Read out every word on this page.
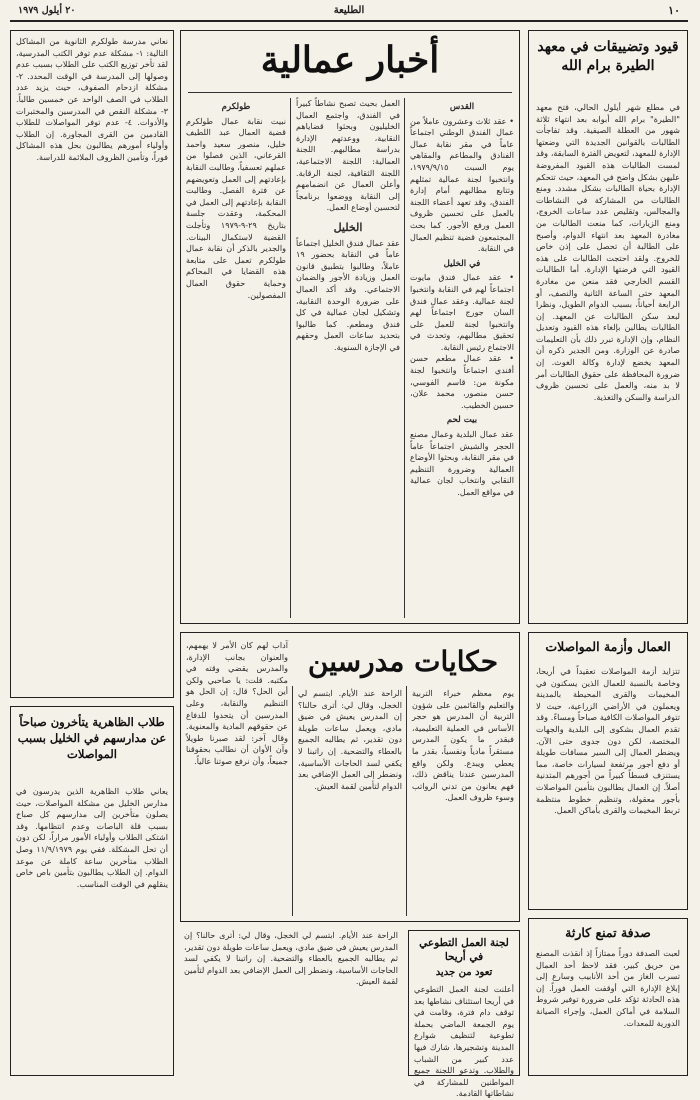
١٠
الطليعة
٢٠ أيلول ١٩٧٩
قيود وتضييقات في معهد الطيرة برام الله
في مطلع شهر أيلول الحالي، فتح معهد "الطيرة" برام الله أبوابه بعد انتهاء ثلاثة شهور من العطلة الصيفية. وقد تفاجأت الطالبات بالقوانين الجديدة التي وضعتها الإدارة للمعهد، لتعويض الفترة السابقة، وقد لمست الطالبات هذه القيود المفروضة عليهن بشكل واضح في المعهد، حيث تتحكم الإدارة بحياة الطالبات بشكل مشدد. ومنع الطالبات من المشاركة في النشاطات والمجالس، وتقليص عدد ساعات الخروج، ومنع الزيارات، كما منعت الطالبات من مغادرة المعهد بعد انتهاء الدوام، وأصبح على الطالبة أن تحصل على إذن خاص للخروج. ولقد احتجت الطالبات على هذه القيود التي فرضتها الإدارة. أما الطالبات القسم الخارجي فقد منعن من مغادرة المعهد حتى الساعة الثانية والنصف، أو الرابعة أحياناً، بسبب الدوام الطويل، ونظرا لبعد سكن الطالبات عن المعهد. إن الطالبات يطالبن بإلغاء هذه القيود وتعديل النظام، وإن الإدارة تبرر ذلك بأن التعليمات صادرة عن الوزارة. ومن الجدير ذكره أن المعهد يخضع لإدارة وكالة الغوث. إن ضرورة المحافظة على حقوق الطالبات أمر لا بد منه، والعمل على تحسين ظروف الدراسة والسكن والتغذية.
العمال وأزمة المواصلات
تتزايد أزمة المواصلات تعقيداً في أريحا، وخاصة بالنسبة للعمال الذين يسكنون في المخيمات والقرى المحيطة بالمدينة ويعملون في الأراضي الزراعية، حيث لا تتوفر المواصلات الكافية صباحاً ومساءً. وقد تقدم العمال بشكوى إلى البلدية والجهات المختصة، لكن دون جدوى حتى الآن. ويضطر العمال إلى السير مسافات طويلة أو دفع أجور مرتفعة لسيارات خاصة، مما يستنزف قسطاً كبيراً من أجورهم المتدنية أصلاً. إن العمال يطالبون بتأمين المواصلات بأجور معقولة، وتنظيم خطوط منتظمة تربط المخيمات والقرى بأماكن العمل.
صدفة تمنع كارثة
لعبت الصدفة دوراً ممتازاً إذ أنقذت المصنع من حريق كبير، فقد لاحظ أحد العمال تسرب الغاز من أحد الأنابيب وسارع إلى إبلاغ الإدارة التي أوقفت العمل فوراً. إن هذه الحادثة تؤكد على ضرورة توفير شروط السلامة في أماكن العمل، وإجراء الصيانة الدورية للمعدات.
أخبار عمالية
القدس

• عقد ثلاث وعشرون عاملاً من عمال الفندق الوطني اجتماعاً عاماً في مقر نقابة عمال الفنادق والمطاعم والمقاهي يوم السبت ١٩٧٩/٩/١٥، وانتخبوا لجنة عمالية تمثلهم وتتابع مطالبهم أمام إدارة الفندق، وقد تعهد أعضاء اللجنة بالعمل على تحسين ظروف العمل ورفع الأجور. كما بحث المجتمعون قضية تنظيم العمال في النقابة.

في الخليل

• عقد عمال فندق مايوت اجتماعاً لهم في النقابة وانتخبوا لجنة عمالية. وعقد عمال فندق السان جورج اجتماعاً لهم وانتخبوا لجنة للعمل على تحقيق مطالبهم، وتحدث في الاجتماع رئيس النقابة.

• عقد عمال مطعم حسن أفندي اجتماعاً وانتخبوا لجنة مكونة من: قاسم الفوسي، حسن منصور، محمد علان، حسين الخطيب.

بيت لحم

عقد عمال البلدية وعمال مصنع الحجر والشيش اجتماعاً عاماً في مقر النقابة، وبحثوا الأوضاع العمالية وضرورة التنظيم النقابي وانتخاب لجان عمالية في مواقع العمل.

العمل بحيث تصبح نشاطاً كبيراً في الفندق، واجتمع العمال الخليليون وبحثوا قضاياهم النقابية، ووعدتهم الإدارة بدراسة مطالبهم. اللجنة العمالية: اللجنة الاجتماعية، اللجنة الثقافية، لجنة الرقابة. وأعلن العمال عن انضمامهم إلى النقابة ووضعوا برنامجاً لتحسين أوضاع العمل.

الخليل

عقد عمال فندق الخليل اجتماعاً عاماً في النقابة بحضور ١٩ عاملاً، وطالبوا بتطبيق قانون العمل وزيادة الأجور والضمان الاجتماعي. وقد أكد العمال على ضرورة الوحدة النقابية، وتشكيل لجان عمالية في كل فندق ومطعم. كما طالبوا بتحديد ساعات العمل وحقهم في الإجازة السنوية.

طولكرم

نبيت نقابة عمال طولكرم قضية العمال عبد اللطيف خليل، منصور سعيد واحمد القرعاني، الذين فصلوا من عملهم تعسفياً، وطالبت النقابة بإعادتهم إلى العمل وتعويضهم عن فترة الفصل. وطالبت النقابة بإعادتهم إلى العمل في المحكمة، وعقدت جلسة بتاريخ ٢٩-٩-١٩٧٩ وتأجلت القضية لاستكمال البينات. والجدير بالذكر أن نقابة عمال طولكرم تعمل على متابعة هذه القضايا في المحاكم وحماية حقوق العمال المفصولين.

حكايات مدرسين
آداب لهم كان الأمر لا يهمهم، والعنوان بجانب الإدارة، والمدرس يقضي وقته في مكتبه. قلت: يا صاحبي ولكن أين الحل؟ قال: إن الحل هو التنظيم والنقابة، وعلى المدرسين أن يتحدوا للدفاع عن حقوقهم المادية والمعنوية. وقال آخر: لقد صبرنا طويلاً وآن الأوان أن نطالب بحقوقنا جميعاً، وأن نرفع صوتنا عالياً.
الراحة عند الأيام. ابتسم لي الخجل، وقال لي: أترى حالنا؟ إن المدرس يعيش في ضيق مادي، ويعمل ساعات طويلة دون تقدير، ثم يطالبه الجميع بالعطاء والتضحية. إن راتبنا لا يكفي لسد الحاجات الأساسية، ونضطر إلى العمل الإضافي بعد الدوام لتأمين لقمة العيش.
يوم معظم خبراء التربية والتعليم والقائمين على شؤون التربية أن المدرس هو حجر الأساس في العملية التعليمية، فبقدر ما يكون المدرس مستقراً مادياً ونفسياً، بقدر ما يعطي ويبدع. ولكن واقع المدرسين عندنا يناقض ذلك، فهم يعانون من تدني الرواتب وسوء ظروف العمل.
لجنة العمل التطوعي في أريحا
تعود من جديد
أعلنت لجنة العمل التطوعي في أريحا استئناف نشاطها بعد توقف دام فترة، وقامت في يوم الجمعة الماضي بحملة تطوعية لتنظيف شوارع المدينة وتشجيرها، شارك فيها عدد كبير من الشباب والطلاب. وتدعو اللجنة جميع المواطنين للمشاركة في نشاطاتها القادمة.
الراحة عند الأيام. ابتسم لي الخجل، وقال لي: أترى حالنا؟ إن المدرس يعيش في ضيق مادي، ويعمل ساعات طويلة دون تقدير، ثم يطالبه الجميع بالعطاء والتضحية. إن راتبنا لا يكفي لسد الحاجات الأساسية، ونضطر إلى العمل الإضافي بعد الدوام لتأمين لقمة العيش.
نعاني مدرسة طولكرم الثانوية من المشاكل التالية: ١- مشكلة عدم توفر الكتب المدرسية، لقد تأخر توزيع الكتب على الطلاب بسبب عدم وصولها إلى المدرسة في الوقت المحدد. ٢- مشكلة ازدحام الصفوف، حيث يزيد عدد الطلاب في الصف الواحد عن خمسين طالباً. ٣- مشكلة النقص في المدرسين والمختبرات والأدوات. ٤- عدم توفر المواصلات للطلاب القادمين من القرى المجاورة. إن الطلاب وأولياء أمورهم يطالبون بحل هذه المشاكل فوراً، وتأمين الظروف الملائمة للدراسة.
طلاب الظاهرية يتأخرون صباحاً عن مدارسهم في الخليل بسبب المواصلات
يعاني طلاب الظاهرية الذين يدرسون في مدارس الخليل من مشكلة المواصلات، حيث يصلون متأخرين إلى مدارسهم كل صباح بسبب قلة الباصات وعدم انتظامها. وقد اشتكى الطلاب وأولياء الأمور مراراً، لكن دون أن تحل المشكلة. ففي يوم ١١/٩/١٩٧٩ وصل الطلاب متأخرين ساعة كاملة عن موعد الدوام. إن الطلاب يطالبون بتأمين باص خاص ينقلهم في الوقت المناسب.
